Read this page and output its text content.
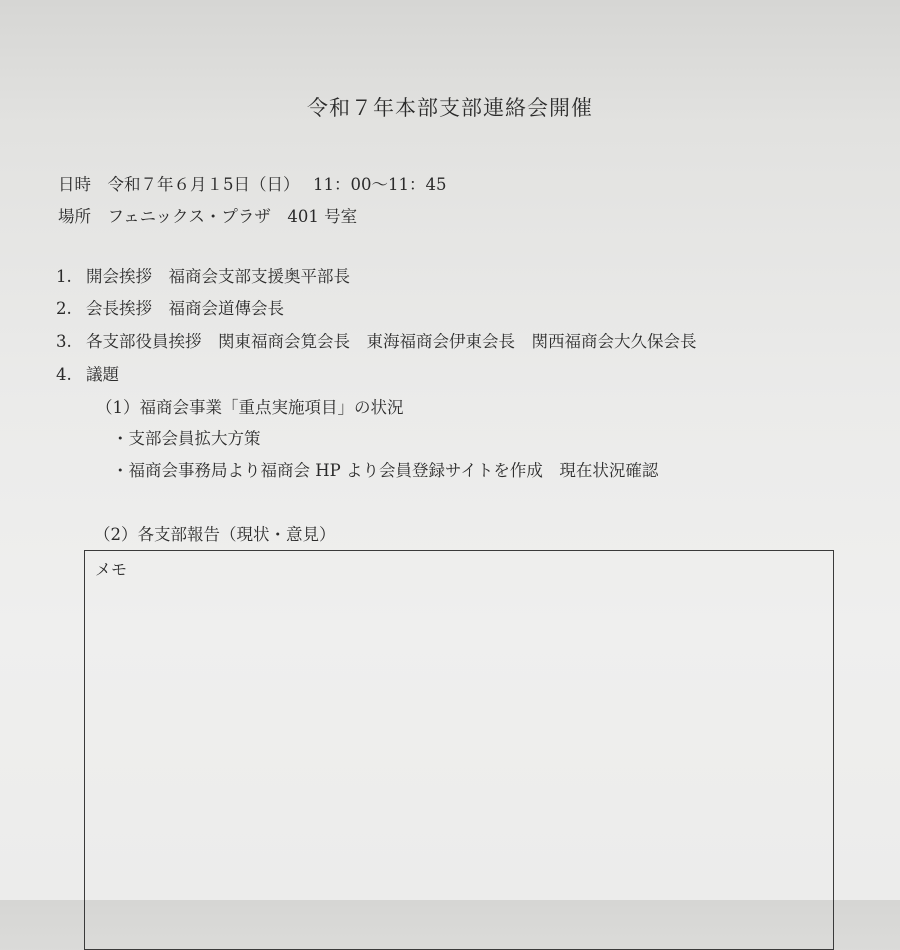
令和７年本部支部連絡会開催
日時　令和７年６月１5日（日）　 11：00〜11：45
場所　フェニックス・プラザ　401 号室
1. 開会挨拶　福商会支部支援奥平部長
2. 会長挨拶　福商会道傳会長
3. 各支部役員挨拶　関東福商会筧会長　東海福商会伊東会長　関西福商会大久保会長
4. 議題
（1）福商会事業「重点実施項目」の状況
・支部会員拡大方策
・福商会事務局より福商会 HP より会員登録サイトを作成　現在状況確認
（2）各支部報告（現状・意見）
メモ
